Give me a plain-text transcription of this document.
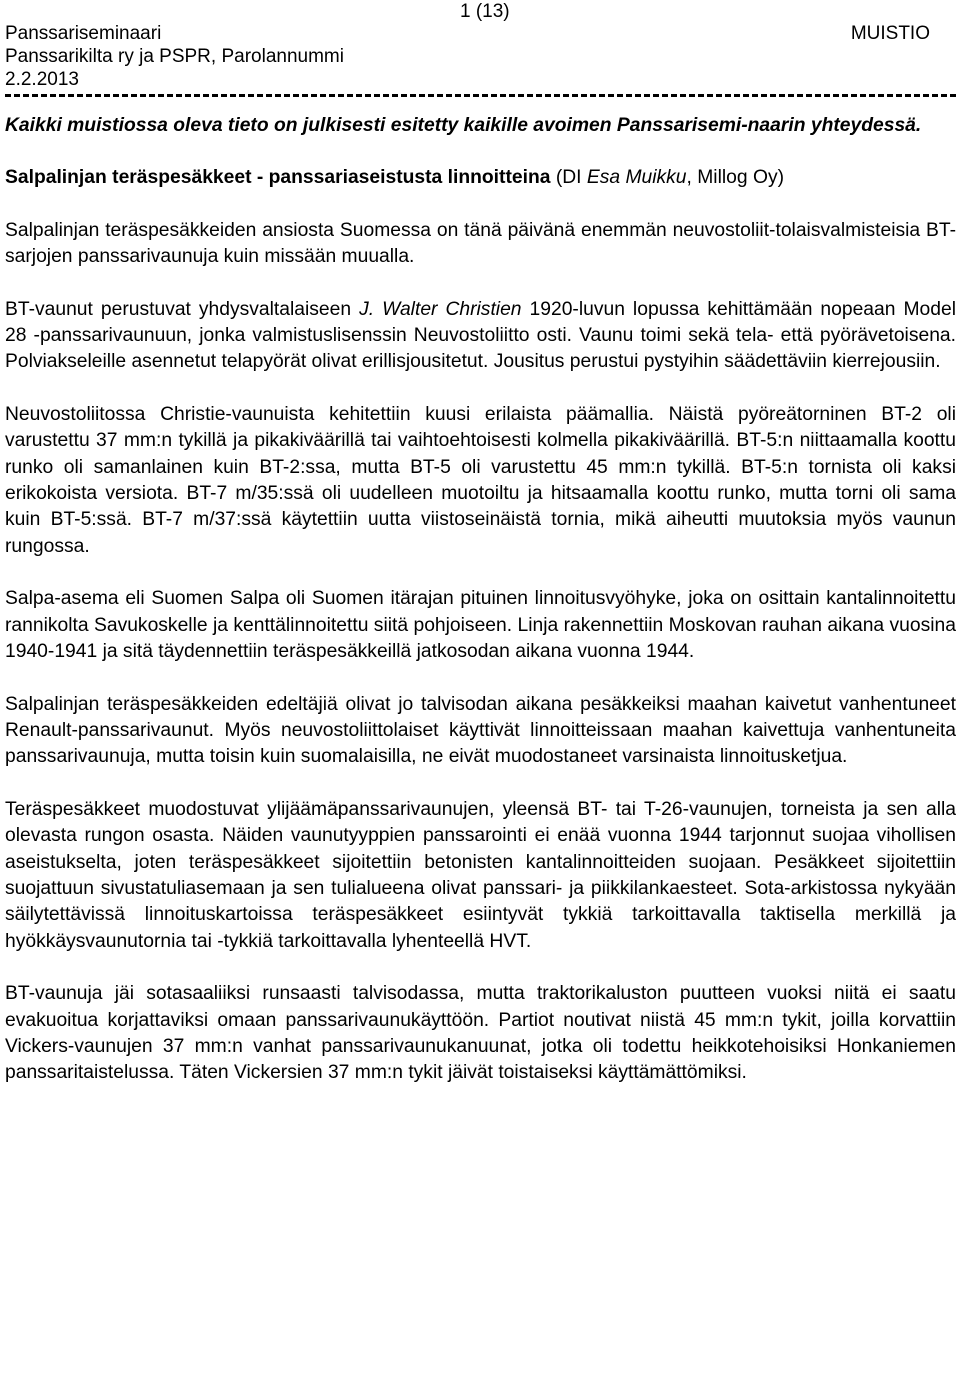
1 (13)
Panssariseminaari
Panssarikilta ry ja PSPR, Parolannummi
2.2.2013
MUISTIO

Kaikki muistiossa oleva tieto on julkisesti esitetty kaikille avoimen Panssarisemi-naarin yhteydessä.

Salpalinjan teräspesäkkeet - panssariaseistusta linnoitteina (DI Esa Muikku, Millog Oy)

Salpalinjan teräspesäkkeiden ansiosta Suomessa on tänä päivänä enemmän neuvostoliit-tolaisvalmisteisia BT-sarjojen panssarivaunuja kuin missään muualla.

BT-vaunut perustuvat yhdysvaltalaiseen J. Walter Christien 1920-luvun lopussa kehittämään nopeaan Model 28 -panssarivaunuun, jonka valmistuslisenssin Neuvostoliitto osti. Vaunu toimi sekä tela- että pyörävetoisena. Polviakseleille asennetut telapyörät olivat erillisjousitetut. Jousitus perustui pystyihin säädettäviin kierrejousiin.

Neuvostoliitossa Christie-vaunuista kehitettiin kuusi erilaista päämallia. Näistä pyöreätorninen BT-2 oli varustettu 37 mm:n tykillä ja pikakiväärillä tai vaihtoehtoisesti kolmella pikakiväärillä. BT-5:n niittaamalla koottu runko oli samanlainen kuin BT-2:ssa, mutta BT-5 oli varustettu 45 mm:n tykillä. BT-5:n tornista oli kaksi erikokoista versiota. BT-7 m/35:ssä oli uudelleen muotoiltu ja hitsaamalla koottu runko, mutta torni oli sama kuin BT-5:ssä. BT-7 m/37:ssä käytettiin uutta viistoseinäistä tornia, mikä aiheutti muutoksia myös vaunun rungossa.

Salpa-asema eli Suomen Salpa oli Suomen itärajan pituinen linnoitusvyöhyke, joka on osittain kantalinnoitettu rannikolta Savukoskelle ja kenttälinnoitettu siitä pohjoiseen. Linja rakennettiin Moskovan rauhan aikana vuosina 1940-1941 ja sitä täydennettiin teräspesäkkeillä jatkosodan aikana vuonna 1944.

Salpalinjan teräspesäkkeiden edeltäjiä olivat jo talvisodan aikana pesäkkeiksi maahan kaivetut vanhentuneet Renault-panssarivaunut. Myös neuvostoliittolaiset käyttivät linnoitteissaan maahan kaivettuja vanhentuneita panssarivaunuja, mutta toisin kuin suomalaisilla, ne eivät muodostaneet varsinaista linnoitusketjua.

Teräspesäkkeet muodostuvat ylijäämäpanssarivaunujen, yleensä BT- tai T-26-vaunujen, torneista ja sen alla olevasta rungon osasta. Näiden vaunutyyppien panssarointi ei enää vuonna 1944 tarjonnut suojaa vihollisen aseistukselta, joten teräspesäkkeet sijoitettiin betonisten kantalinnoitteiden suojaan. Pesäkkeet sijoitettiin suojattuun sivustatuliasemaan ja sen tulialueena olivat panssari- ja piikkilankaesteet. Sota-arkistossa nykyään säilytettävissä linnoituskartoissa teräspesäkkeet esiintyvät tykkiä tarkoittavalla taktisella merkillä ja hyökkäysvaunutornia tai -tykkiä tarkoittavalla lyhenteellä HVT.

BT-vaunuja jäi sotasaaliiksi runsaasti talvisodassa, mutta traktorikaluston puutteen vuoksi niitä ei saatu evakuoitua korjattaviksi omaan panssarivaunukäyttöön. Partiot noutivat niistä 45 mm:n tykit, joilla korvattiin Vickers-vaunujen 37 mm:n vanhat panssarivaunukanuunat, jotka oli todettu heikkotehoisiksi Honkaniemen panssaritaistelussa. Täten Vickersien 37 mm:n tykit jäivät toistaiseksi käyttämättömiksi.
